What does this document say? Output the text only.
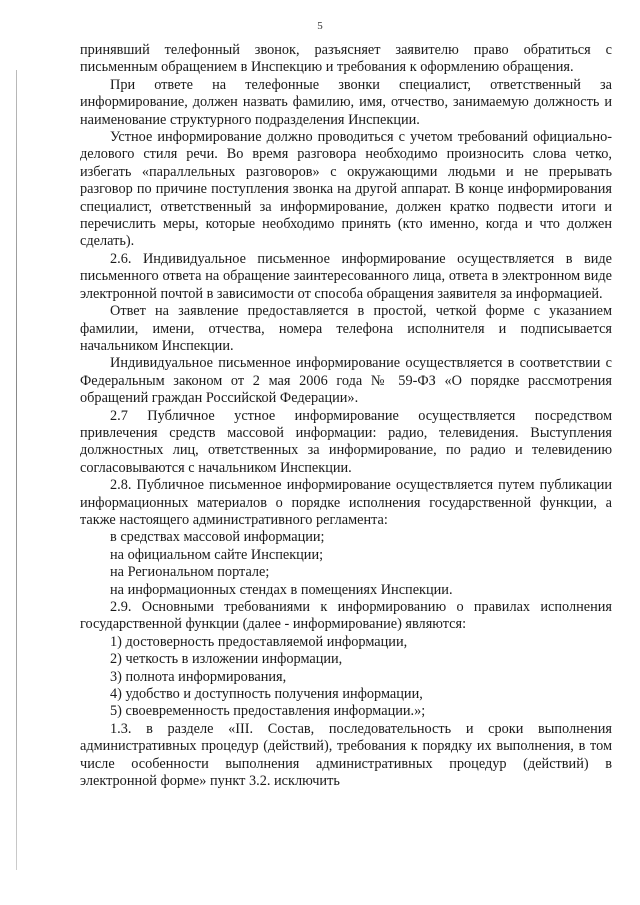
5

принявший телефонный звонок, разъясняет заявителю право обратиться с письменным обращением в Инспекцию и требования к оформлению обращения.

При ответе на телефонные звонки специалист, ответственный за информирование, должен назвать фамилию, имя, отчество, занимаемую должность и наименование структурного подразделения Инспекции.

Устное информирование должно проводиться с учетом требований официально-делового стиля речи. Во время разговора необходимо произносить слова четко, избегать «параллельных разговоров» с окружающими людьми и не прерывать разговор по причине поступления звонка на другой аппарат. В конце информирования специалист, ответственный за информирование, должен кратко подвести итоги и перечислить меры, которые необходимо принять (кто именно, когда и что должен сделать).

2.6. Индивидуальное письменное информирование осуществляется в виде письменного ответа на обращение заинтересованного лица, ответа в электронном виде электронной почтой в зависимости от способа обращения заявителя за информацией.

Ответ на заявление предоставляется в простой, четкой форме с указанием фамилии, имени, отчества, номера телефона исполнителя и подписывается начальником Инспекции.

Индивидуальное письменное информирование осуществляется в соответствии с Федеральным законом от 2 мая 2006 года № 59-ФЗ «О порядке рассмотрения обращений граждан Российской Федерации».

2.7 Публичное устное информирование осуществляется посредством привлечения средств массовой информации: радио, телевидения. Выступления должностных лиц, ответственных за информирование, по радио и телевидению согласовываются с начальником Инспекции.

2.8. Публичное письменное информирование осуществляется путем публикации информационных материалов о порядке исполнения государственной функции, а также настоящего административного регламента:

в средствах массовой информации;

на официальном сайте Инспекции;

на Региональном портале;

на информационных стендах в помещениях Инспекции.

2.9. Основными требованиями к информированию о правилах исполнения государственной функции (далее - информирование) являются:

1) достоверность предоставляемой информации,

2) четкость в изложении информации,

3) полнота информирования,

4) удобство и доступность получения информации,

5) своевременность предоставления информации.»;

1.3. в разделе «III. Состав, последовательность и сроки выполнения административных процедур (действий), требования к порядку их выполнения, в том числе особенности выполнения административных процедур (действий) в электронной форме» пункт 3.2. исключить
